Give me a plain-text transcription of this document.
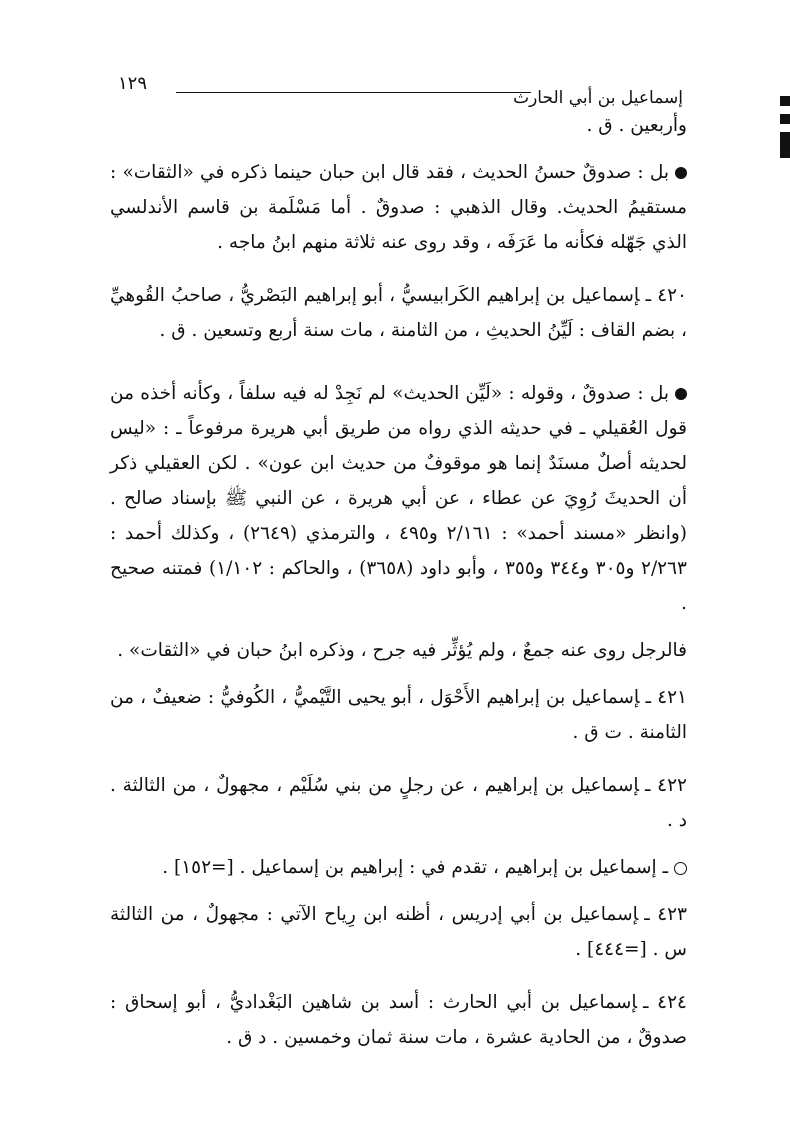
إسماعيل بن أبي الحارث
١٢٩

وأربعين . ق .

بل : صدوقٌ حسنُ الحديث ، فقد قال ابن حبان حينما ذكره في «الثقات» : مستقيمُ الحديث. وقال الذهبي : صدوقٌ . أما مَسْلَمة بن قاسم الأندلسي الذي جَهّله فكأنه ما عَرَفَه ، وقد روى عنه ثلاثة منهم ابنُ ماجه .

٤٢٠ ـإسماعيل بن إبراهيم الكَرابيسيُّ ، أبو إبراهيم البَصْريُّ ، صاحبُ القُوهيِّ ، بضم القاف : لَيِّنُ الحديثِ ، من الثامنة ، مات سنة أربع وتسعين . ق .

بل : صدوقٌ ، وقوله : «لَيِّن الحديث» لم نَجِدْ له فيه سلفاً ، وكأنه أخذه من قول العُقيلي ـ في حديثه الذي رواه من طريق أبي هريرة مرفوعاً ـ : «ليس لحديثه أصلٌ مسنَدٌ إنما هو موقوفٌ من حديث ابن عون» . لكن العقيلي ذكر أن الحديثَ رُوِيَ عن عطاء ، عن أبي هريرة ، عن النبي ﷺ بإسناد صالح . (وانظر «مسند أحمد» : ٢/١٦١ و٤٩٥ ، والترمذي (٢٦٤٩) ، وكذلك أحمد : ٢/٢٦٣ و٣٠٥ و٣٤٤ و٣٥٥ ، وأبو داود (٣٦٥٨) ، والحاكم : ١/١٠٢) فمتنه صحيح .

فالرجل روى عنه جمعٌ ، ولم يُؤثِّر فيه جرح ، وذكره ابنُ حبان في «الثقات» .

٤٢١ ـإسماعيل بن إبراهيم الأَحْوَل ، أبو يحيى التَّيْميُّ ، الكُوفيُّ : ضعيفٌ ، من الثامنة . ت ق .

٤٢٢ ـإسماعيل بن إبراهيم ، عن رجلٍ من بني سُلَيْم ، مجهولٌ ، من الثالثة . د .

ـ إسماعيل بن إبراهيم ، تقدم في : إبراهيم بن إسماعيل . [=١٥٢] .

٤٢٣ ـإسماعيل بن أبي إدريس ، أظنه ابن رِياح الآتي : مجهولٌ ، من الثالثة س . [=٤٤٤] .

٤٢٤ ـإسماعيل بن أبي الحارث : أسد بن شاهين البَغْداديُّ ، أبو إسحاق : صدوقٌ ، من الحادية عشرة ، مات سنة ثمان وخمسين . د ق .
